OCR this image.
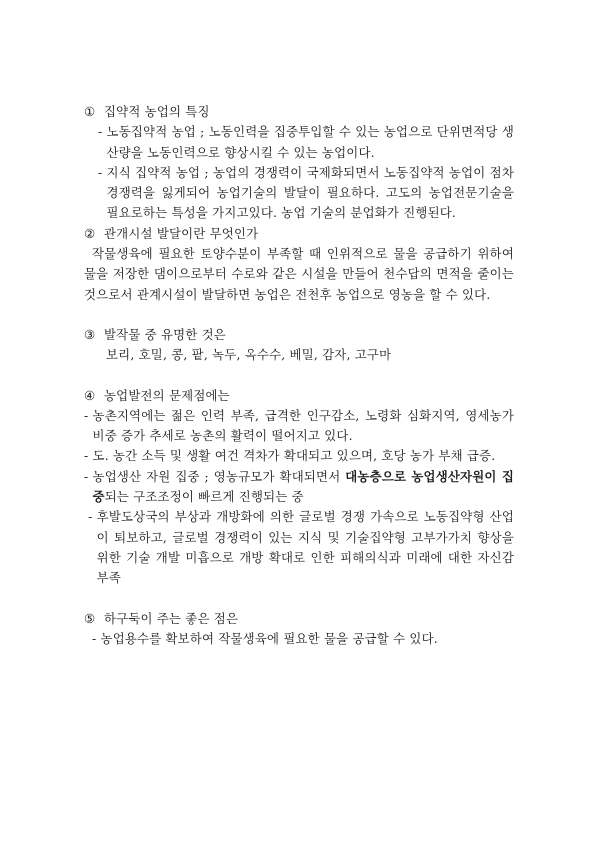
① 집약적 농업의 특징
- 노동집약적 농업 ; 노동인력을 집중투입할 수 있는 농업으로 단위면적당 생산량을 노동인력으로 향상시킬 수 있는 농업이다.
- 지식 집약적 농업 ; 농업의 경쟁력이 국제화되면서 노동집약적 농업이 점차 경쟁력을 잃게되어 농업기술의 발달이 필요하다. 고도의 농업전문기술을 필요로하는 특성을 가지고있다. 농업 기술의 분업화가 진행된다.
② 관개시설 발달이란 무엇인가
작물생육에 필요한 토양수분이 부족할 때 인위적으로 물을 공급하기 위하여 물을 저장한 댐이으로부터 수로와 같은 시설을 만들어 천수답의 면적을 줄이는 것으로서 관계시설이 발달하면 농업은 전천후 농업으로 영농을 할 수 있다.
③ 발작물 중 유명한 것은
보리, 호밀, 콩, 팥, 녹두, 옥수수, 베밀, 감자, 고구마
④ 농업발전의 문제점에는
- 농촌지역에는 젊은 인력 부족, 급격한 인구감소, 노령화 심화지역, 영세농가 비중 증가 추세로 농촌의 활력이 떨어지고 있다.
- 도. 농간 소득 및 생활 여건 격차가 확대되고 있으며, 호당 농가 부채 급증.
- 농업생산 자원 집중 ; 영농규모가 확대되면서 대농층으로 농업생산자원이 집중되는 구조조정이 빠르게 진행되는 중
- 후발도상국의 부상과 개방화에 의한 글로벌 경쟁 가속으로 노동집약형 산업이 퇴보하고, 글로벌 경쟁력이 있는 지식 및 기술집약형 고부가가치 향상을 위한 기술 개발 미흡으로 개방 확대로 인한 피해의식과 미래에 대한 자신감 부족
⑤ 하구둑이 주는 좋은 점은
- 농업용수를 확보하여 작물생육에 필요한 물을 공급할 수 있다.
